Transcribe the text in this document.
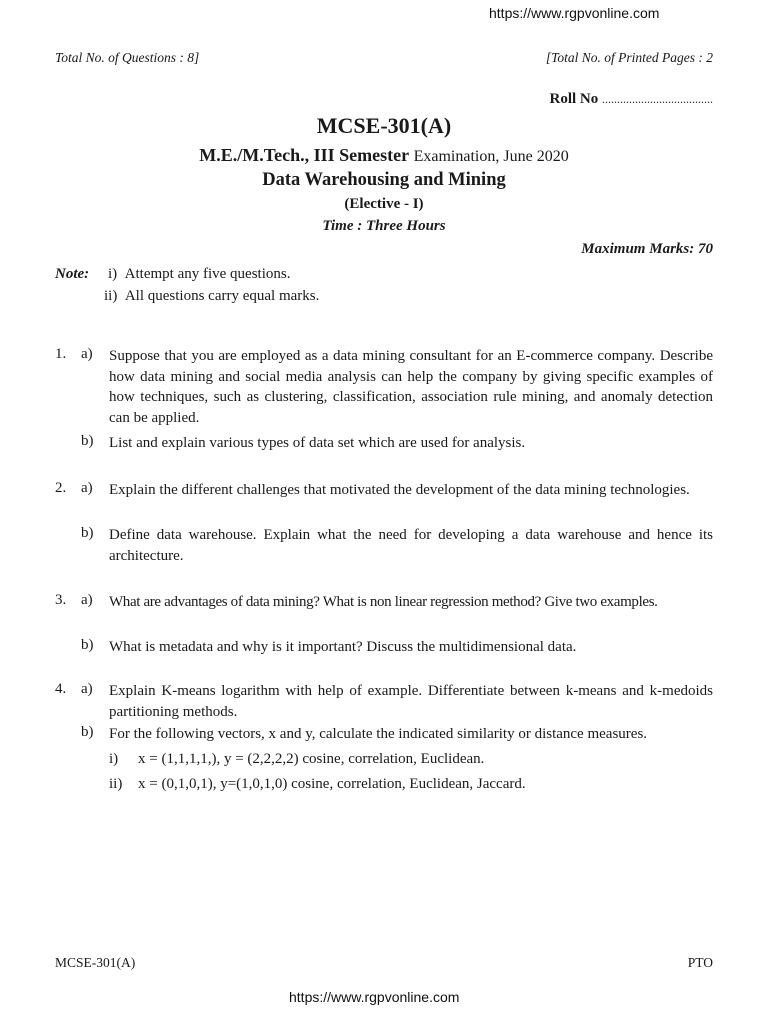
https://www.rgpvonline.com
Total No. of Questions : 8]	[Total No. of Printed Pages : 2
Roll No .....................................
MCSE-301(A)
M.E./M.Tech., III Semester Examination, June 2020
Data Warehousing and Mining
(Elective - I)
Time : Three Hours
Maximum Marks: 70
Note: i) Attempt any five questions.
ii) All questions carry equal marks.
1. a) Suppose that you are employed as a data mining consultant for an E-commerce company. Describe how data mining and social media analysis can help the company by giving specific examples of how techniques, such as clustering, classification, association rule mining, and anomaly detection can be applied.
b) List and explain various types of data set which are used for analysis.
2. a) Explain the different challenges that motivated the development of the data mining technologies.
b) Define data warehouse. Explain what the need for developing a data warehouse and hence its architecture.
3. a) What are advantages of data mining? What is non linear regression method? Give two examples.
b) What is metadata and why is it important? Discuss the multidimensional data.
4. a) Explain K-means logarithm with help of example. Differentiate between k-means and k-medoids partitioning methods.
b) For the following vectors, x and y, calculate the indicated similarity or distance measures.
i) x = (1,1,1,1,), y = (2,2,2,2) cosine, correlation, Euclidean.
ii) x = (0,1,0,1), y=(1,0,1,0) cosine, correlation, Euclidean, Jaccard.
MCSE-301(A)	PTO
https://www.rgpvonline.com
